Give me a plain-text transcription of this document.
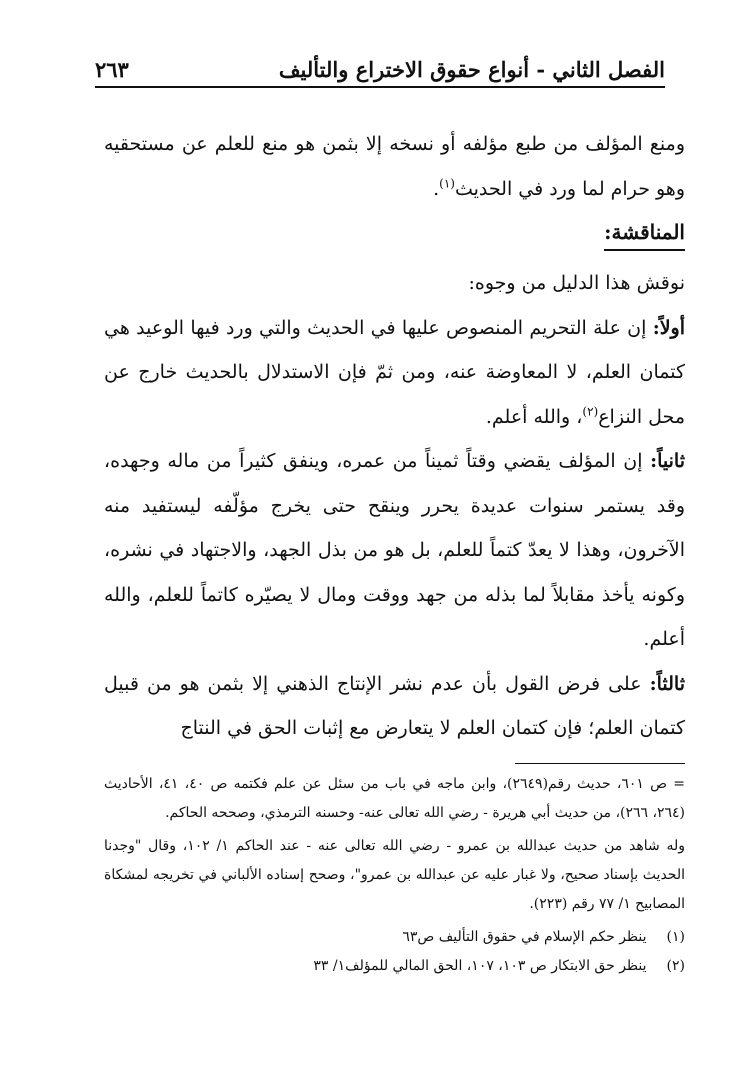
الفصل الثاني - أنواع حقوق الاختراع والتأليف
٢٦٣

ومنع المؤلف من طبع مؤلفه أو نسخه إلا بثمن هو منع للعلم عن مستحقيه وهو حرام لما ورد في الحديث$^{(١)}$.

المناقشة:

نوقش هذا الدليل من وجوه:

أولاً: إن علة التحريم المنصوص عليها في الحديث والتي ورد فيها الوعيد هي كتمان العلم، لا المعاوضة عنه، ومن ثمّ فإن الاستدلال بالحديث خارج عن محل النزاع$^{(٢)}$، والله أعلم.

ثانياً: إن المؤلف يقضي وقتاً ثميناً من عمره، وينفق كثيراً من ماله وجهده، وقد يستمر سنوات عديدة يحرر وينقح حتى يخرج مؤلّفه ليستفيد منه الآخرون، وهذا لا يعدّ كتماً للعلم، بل هو من بذل الجهد، والاجتهاد في نشره، وكونه يأخذ مقابلاً لما بذله من جهد ووقت ومال لا يصيّره كاتماً للعلم، والله أعلم.

ثالثاً: على فرض القول بأن عدم نشر الإنتاج الذهني إلا بثمن هو من قبيل كتمان العلم؛ فإن كتمان العلم لا يتعارض مع إثبات الحق في النتاج

= ص ٦٠١، حديث رقم(٢٦٤٩)، وابن ماجه في باب من سئل عن علم فكتمه ص ٤٠، ٤١، الأحاديث (٢٦٤، ٢٦٦)، من حديث أبي هريرة - رضي الله تعالى عنه- وحسنه الترمذي، وصححه الحاكم.

وله شاهد من حديث عبدالله بن عمرو - رضي الله تعالى عنه - عند الحاكم ١/ ١٠٢، وقال "وجدنا الحديث بإسناد صحيح، ولا غبار عليه عن عبدالله بن عمرو"، وصحح إسناده الألباني في تخريجه لمشكاة المصابيح ١/ ٧٧ رقم (٢٢٣).

(١)
ينظر حكم الإسلام في حقوق التأليف ص٦٣
(٢)
ينظر حق الابتكار ص ١٠٣، ١٠٧، الحق المالي للمؤلف١/ ٣٣
